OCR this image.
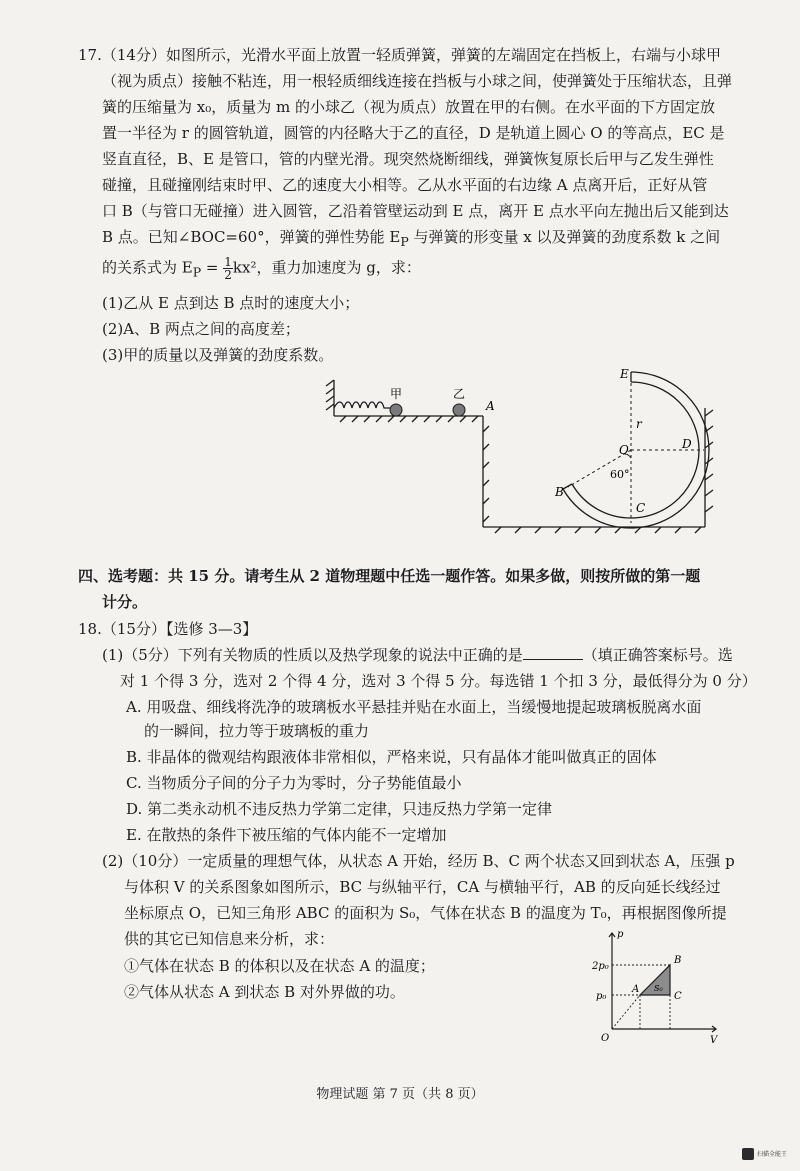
17.（14分）如图所示，光滑水平面上放置一轻质弹簧，弹簧的左端固定在挡板上，右端与小球甲
（视为质点）接触不粘连，用一根轻质细线连接在挡板与小球之间，使弹簧处于压缩状态，且弹
簧的压缩量为 x₀，质量为 m 的小球乙（视为质点）放置在甲的右侧。在水平面的下方固定放
置一半径为 r 的圆管轨道，圆管的内径略大于乙的直径，D 是轨道上圆心 O 的等高点，EC 是
竖直直径，B、E 是管口，管的内壁光滑。现突然烧断细线，弹簧恢复原长后甲与乙发生弹性
碰撞，且碰撞刚结束时甲、乙的速度大小相等。乙从水平面的右边缘 A 点离开后，正好从管
口 B（与管口无碰撞）进入圆管，乙沿着管壁运动到 E 点，离开 E 点水平向左抛出后又能到达
B 点。已知∠BOC=60°，弹簧的弹性势能 $E_P$ 与弹簧的形变量 x 以及弹簧的劲度系数 k 之间
的关系式为 $E_P = \frac{1}{2} kx^2$，重力加速度为 g，求：
(1)乙从 E 点到达 B 点时的速度大小；
(2)A、B 两点之间的高度差；
(3)甲的质量以及弹簧的劲度系数。
甲	乙
A
E
r
O	D
60°
B
C
四、选考题：共 15 分。请考生从 2 道物理题中任选一题作答。如果多做，则按所做的第一题
计分。
18.（15分）【选修 3—3】
(1)（5分）下列有关物质的性质以及热学现象的说法中正确的是	（填正确答案标号。选
对 1 个得 3 分，选对 2 个得 4 分，选对 3 个得 5 分。每选错 1 个扣 3 分，最低得分为 0 分）
A. 用吸盘、细线将洗净的玻璃板水平悬挂并贴在水面上，当缓慢地提起玻璃板脱离水面
的一瞬间，拉力等于玻璃板的重力
B. 非晶体的微观结构跟液体非常相似，严格来说，只有晶体才能叫做真正的固体
C. 当物质分子间的分子力为零时，分子势能值最小
D. 第二类永动机不违反热力学第二定律，只违反热力学第一定律
E. 在散热的条件下被压缩的气体内能不一定增加
(2)（10分）一定质量的理想气体，从状态 A 开始，经历 B、C 两个状态又回到状态 A，压强 p
与体积 V 的关系图象如图所示，BC 与纵轴平行，CA 与横轴平行，AB 的反向延长线经过
坐标原点 O，已知三角形 ABC 的面积为 S₀，气体在状态 B 的温度为 T₀，再根据图像所提
供的其它已知信息来分析，求：
①气体在状态 B 的体积以及在状态 A 的温度；
②气体从状态 A 到状态 B 对外界做的功。
2p₀
p₀
p
V
O
A
B
C
S₀
物理试题 第 7 页（共 8 页）
扫描全能王
